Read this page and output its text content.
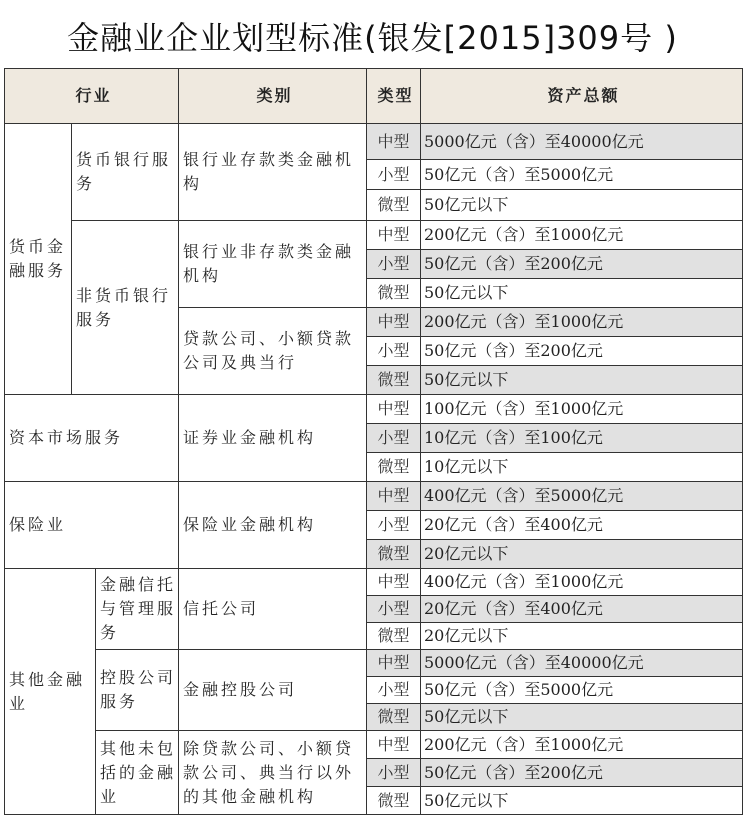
金融业企业划型标准(银发[2015]309号 )
行业			类别	类型	资产总额
货币金融服务	货币银行服务		银行业存款类金融机构	中型	5000亿元（含）至40000亿元
				小型	50亿元（含）至5000亿元
				微型	50亿元以下
	非货币银行服务		银行业非存款类金融机构	中型	200亿元（含）至1000亿元
				小型	50亿元（含）至200亿元
				微型	50亿元以下
			贷款公司、小额贷款公司及典当行	中型	200亿元（含）至1000亿元
				小型	50亿元（含）至200亿元
				微型	50亿元以下
资本市场服务			证券业金融机构	中型	100亿元（含）至1000亿元
				小型	10亿元（含）至100亿元
				微型	10亿元以下
保险业			保险业金融机构	中型	400亿元（含）至5000亿元
				小型	20亿元（含）至400亿元
				微型	20亿元以下
其他金融业		金融信托与管理服务	信托公司	中型	400亿元（含）至1000亿元
				小型	20亿元（含）至400亿元
				微型	20亿元以下
		控股公司服务	金融控股公司	中型	5000亿元（含）至40000亿元
				小型	50亿元（含）至5000亿元
				微型	50亿元以下
		其他未包括的金融业	除贷款公司、小额贷款公司、典当行以外的其他金融机构	中型	200亿元（含）至1000亿元
				小型	50亿元（含）至200亿元
				微型	50亿元以下
